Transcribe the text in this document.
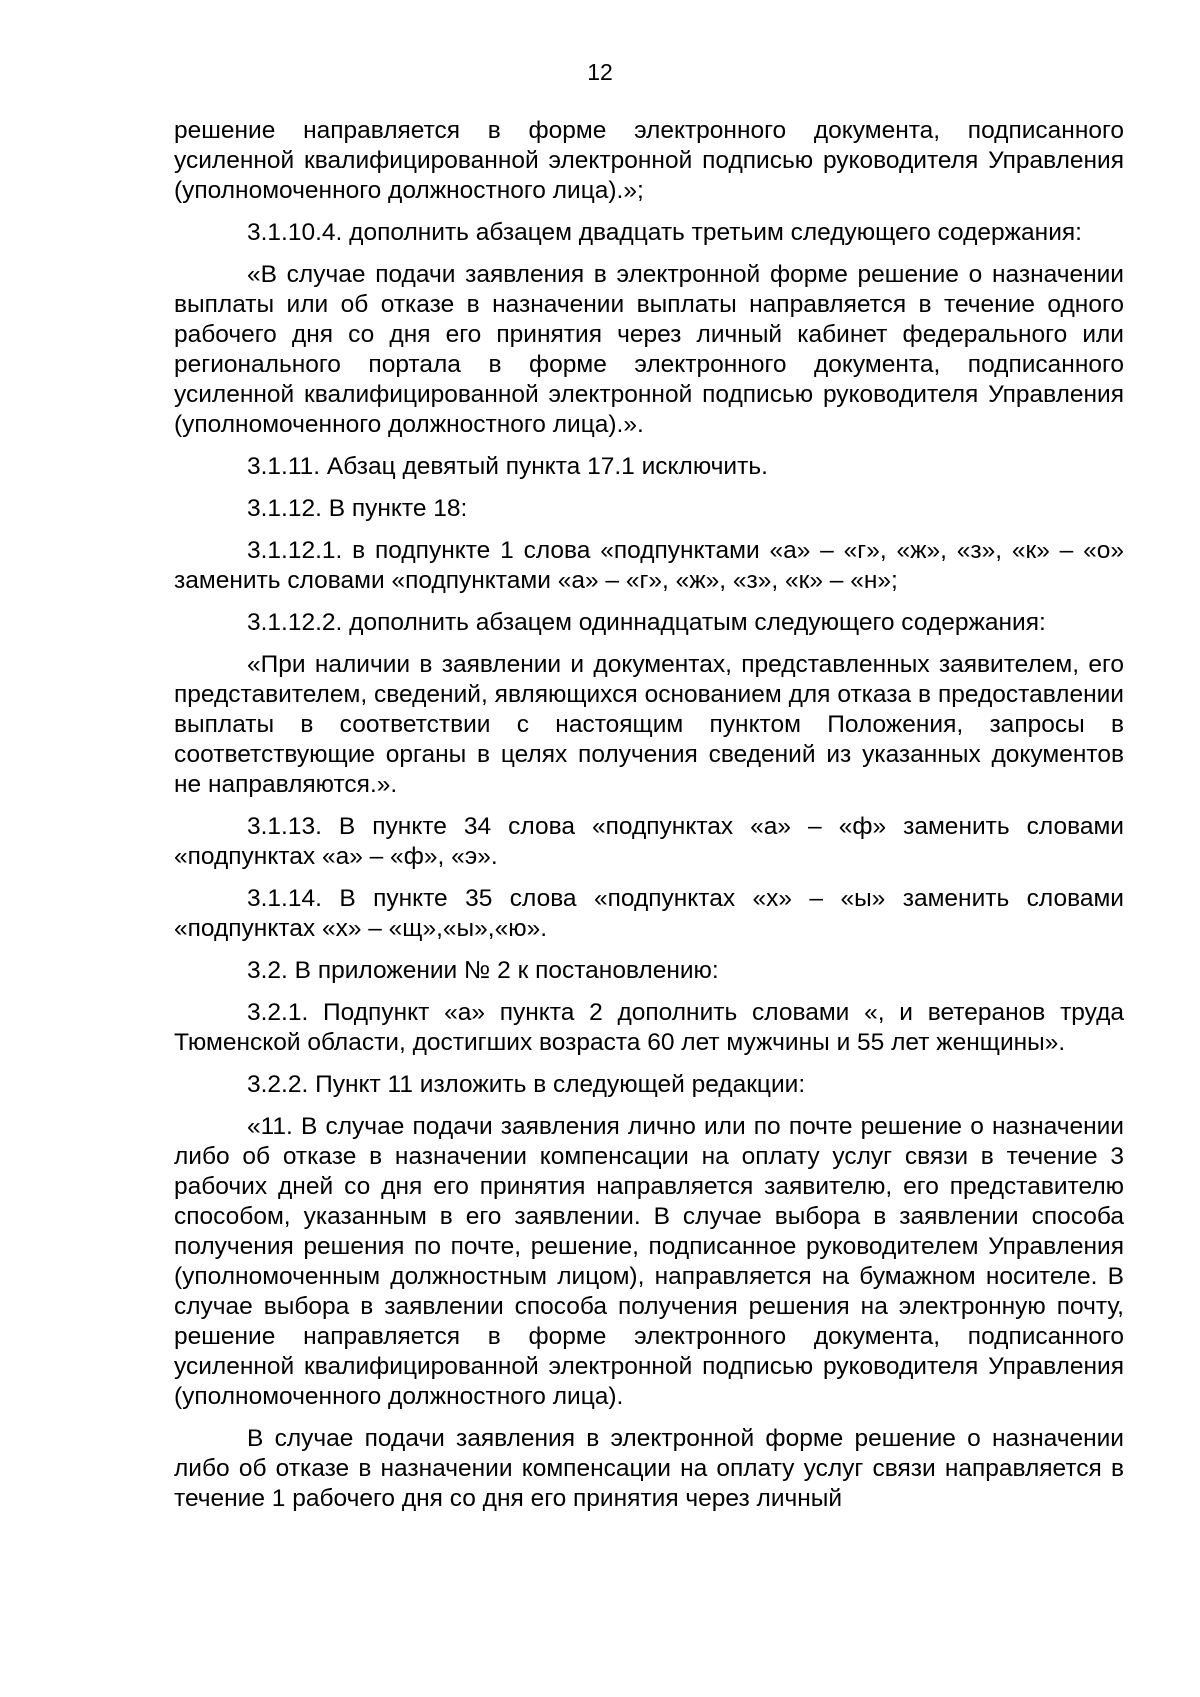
12

решение направляется в форме электронного документа, подписанного усиленной квалифицированной электронной подписью руководителя Управления (уполномоченного должностного лица).»;

3.1.10.4. дополнить абзацем двадцать третьим следующего содержания:

«В случае подачи заявления в электронной форме решение о назначении выплаты или об отказе в назначении выплаты направляется в течение одного рабочего дня со дня его принятия через личный кабинет федерального или регионального портала в форме электронного документа, подписанного усиленной квалифицированной электронной подписью руководителя Управления (уполномоченного должностного лица).».

3.1.11. Абзац девятый пункта 17.1 исключить.

3.1.12. В пункте 18:

3.1.12.1. в подпункте 1 слова «подпунктами «а» – «г», «ж», «з», «к» – «о» заменить словами «подпунктами «а» – «г», «ж», «з», «к» – «н»;

3.1.12.2. дополнить абзацем одиннадцатым следующего содержания:

«При наличии в заявлении и документах, представленных заявителем, его представителем, сведений, являющихся основанием для отказа в предоставлении выплаты в соответствии с настоящим пунктом Положения, запросы в соответствующие органы в целях получения сведений из указанных документов не направляются.».

3.1.13. В пункте 34 слова «подпунктах «а» – «ф» заменить словами «подпунктах «а» – «ф», «э».

3.1.14. В пункте 35 слова «подпунктах «х» – «ы» заменить словами «подпунктах «х» – «щ»,«ы»,«ю».

3.2. В приложении № 2 к постановлению:

3.2.1. Подпункт «а» пункта 2 дополнить словами «, и ветеранов труда Тюменской области, достигших возраста 60 лет мужчины и 55 лет женщины».

3.2.2. Пункт 11 изложить в следующей редакции:

«11. В случае подачи заявления лично или по почте решение о назначении либо об отказе в назначении компенсации на оплату услуг связи в течение 3 рабочих дней со дня его принятия направляется заявителю, его представителю способом, указанным в его заявлении. В случае выбора в заявлении способа получения решения по почте, решение, подписанное руководителем Управления (уполномоченным должностным лицом), направляется на бумажном носителе. В случае выбора в заявлении способа получения решения на электронную почту, решение направляется в форме электронного документа, подписанного усиленной квалифицированной электронной подписью руководителя Управления (уполномоченного должностного лица).

В случае подачи заявления в электронной форме решение о назначении либо об отказе в назначении компенсации на оплату услуг связи направляется в течение 1 рабочего дня со дня его принятия через личный
